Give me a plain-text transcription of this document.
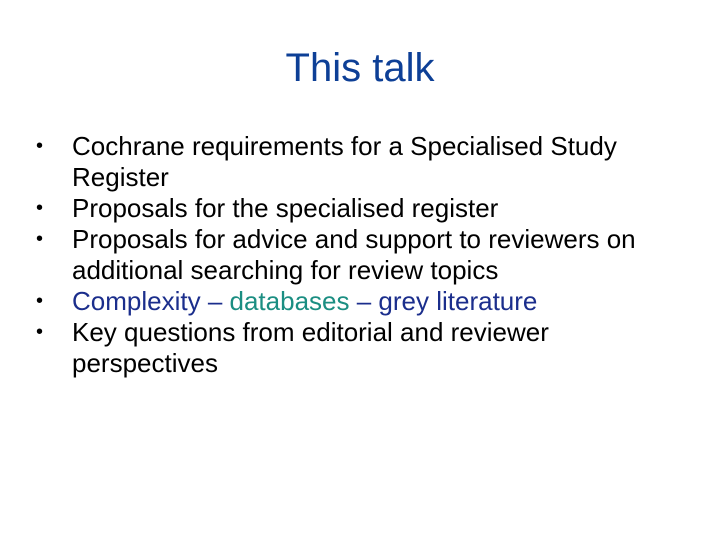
This talk
•	Cochrane requirements for a Specialised Study Register
•	Proposals for the specialised register
•	Proposals for advice and support to reviewers on additional searching for review topics
•	Complexity – databases – grey literature
•	Key questions from editorial and reviewer perspectives
